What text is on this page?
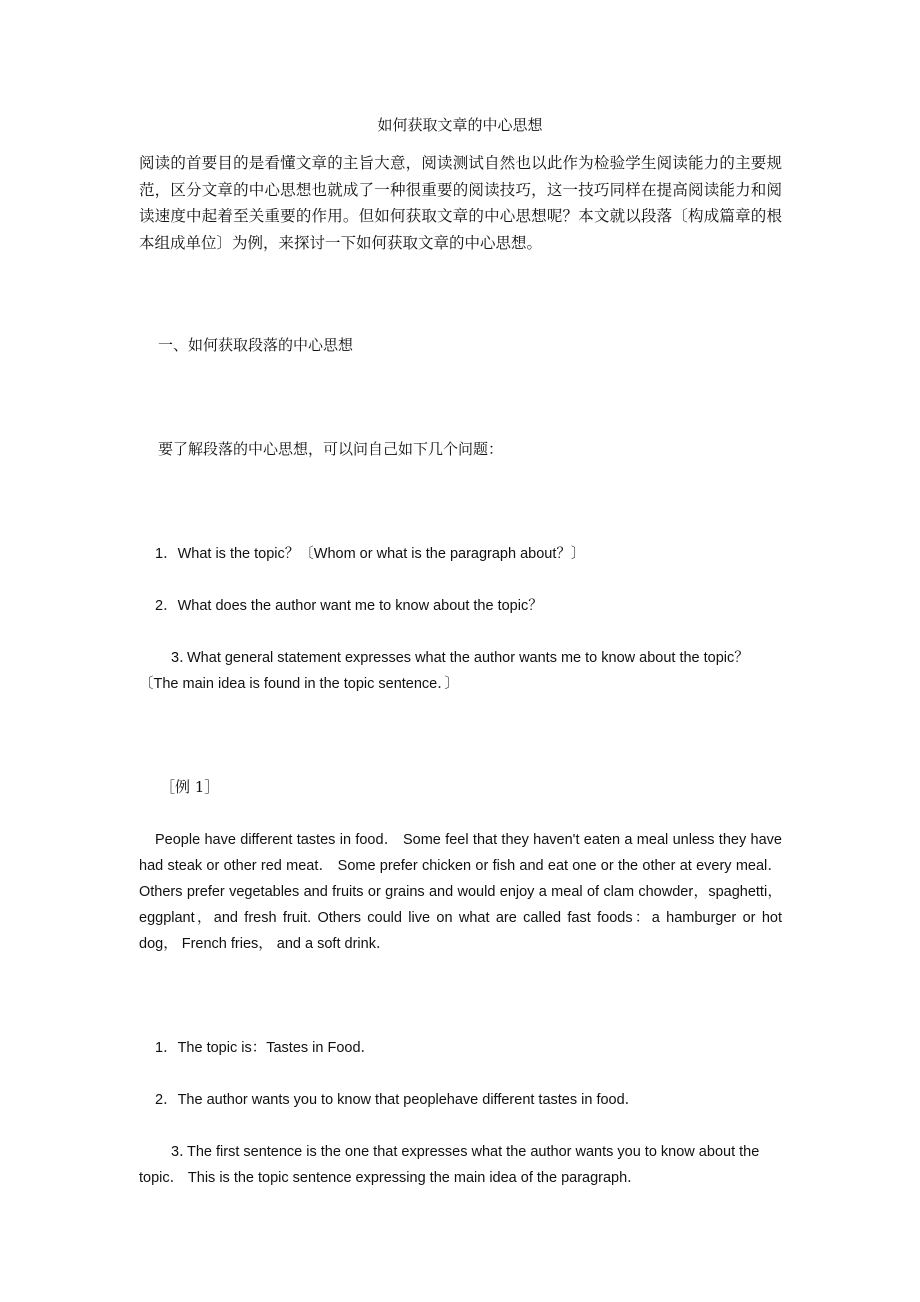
如何获取文章的中心思想
阅读的首要目的是看懂文章的主旨大意，阅读测试自然也以此作为检验学生阅读能力的主要规范，区分文章的中心思想也就成了一种很重要的阅读技巧，这一技巧同样在提高阅读能力和阅读速度中起着至关重要的作用。但如何获取文章的中心思想呢？本文就以段落〔构成篇章的根本组成单位〕为例，来探讨一下如何获取文章的中心思想。
一、如何获取段落的中心思想
要了解段落的中心思想，可以问自己如下几个问题：
1．What is the topic？〔Whom or what is the paragraph about？〕
2．What does the author want me to know about the topic？
3．What general statement expresses what the author wants me to know about the topic？〔The main idea is found in the topic sentence．〕
［例 1］
People have different tastes in food． Some feel that they haven't eaten a meal unless they have had steak or other red meat． Some prefer chicken or fish and eat one or the other at every meal． Others prefer vegetables and fruits or grains and would enjoy a meal of clam chowder，spaghetti，eggplant，and fresh fruit. Others could live on what are called fast foods：a hamburger or hot dog， French fries， and a soft drink．
1．The topic is：Tastes in Food．
2．The author wants you to know that peoplehave different tastes in food．
3．The first sentence is the one that expresses what the author wants you to know about the topic． This is the topic sentence expressing the main idea of the paragraph．
